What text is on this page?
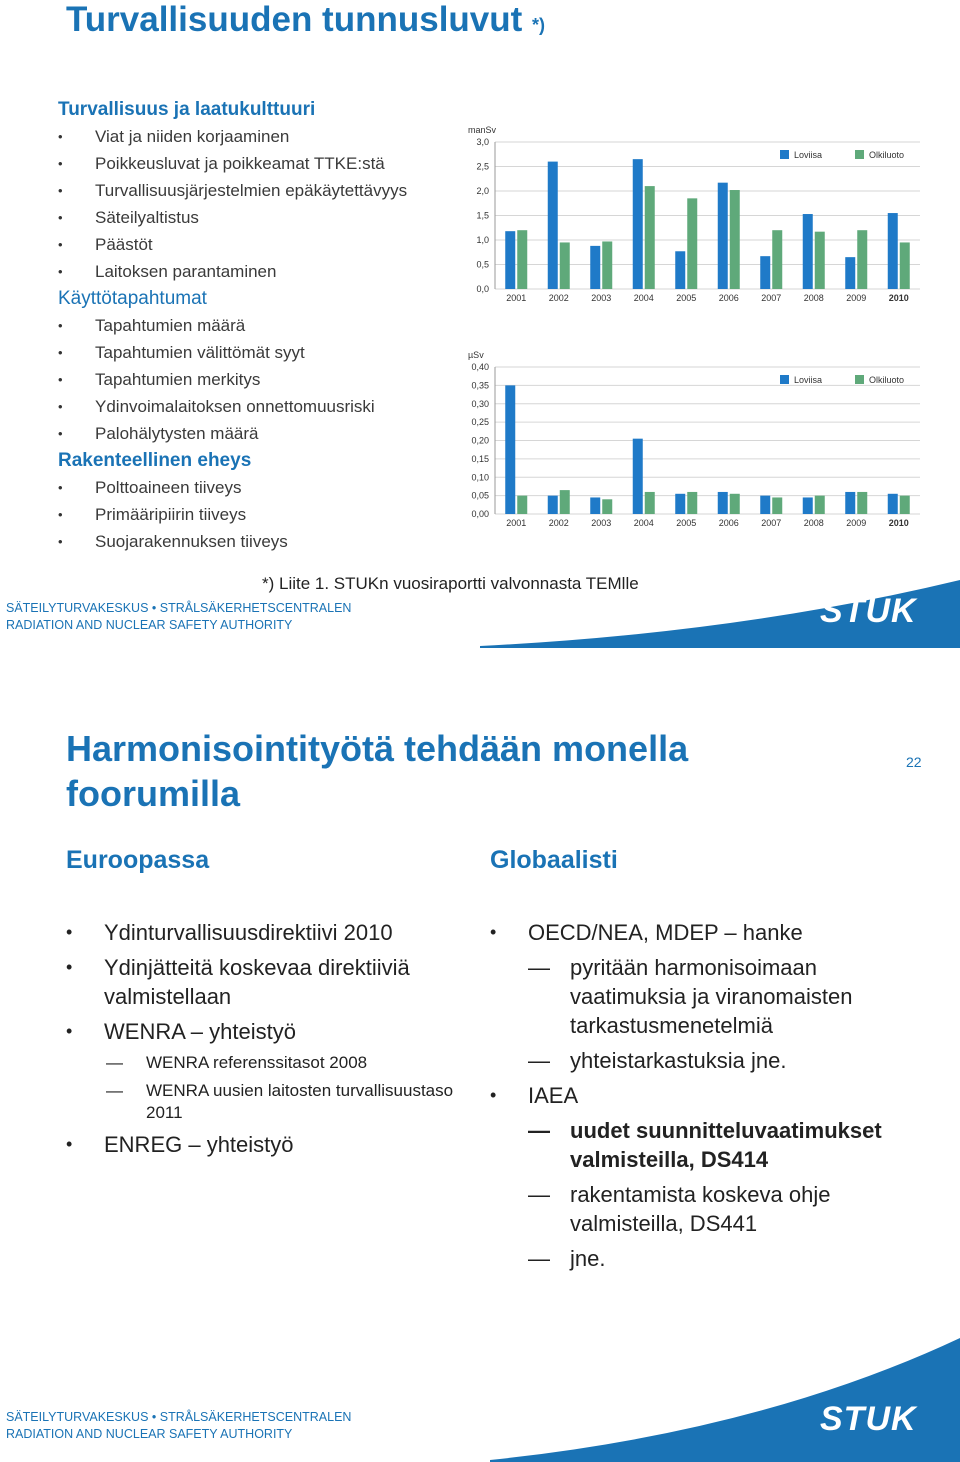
Turvallisuuden tunnusluvut *)
Turvallisuus ja laatukulttuuri
• Viat ja niiden korjaaminen
• Poikkeusluvat ja poikkeamat TTKE:stä
• Turvallisuusjärjestelmien epäkäytettävyys
• Säteilyaltistus
• Päästöt
• Laitoksen parantaminen
Käyttötapahtumat
• Tapahtumien määrä
• Tapahtumien välittömät syyt
• Tapahtumien merkitys
• Ydinvoimalaitoksen onnettomuusriski
• Palohälytysten määrä
Rakenteellinen eheys
• Polttoaineen tiiveys
• Primääripiirin tiiveys
• Suojarakennuksen tiiveys
manSv
0,0
0,5
1,0
1,5
2,0
2,5
3,0
2001 2002 2003 2004 2005 2006 2007 2008 2009 2010
Loviisa	Olkiluoto
µSv
0,00
0,05
0,10
0,15
0,20
0,25
0,30
0,35
0,40
2001 2002 2003 2004 2005 2006 2007 2008 2009 2010
Loviisa	Olkiluoto
*) Liite 1. STUKn vuosiraportti valvonnasta TEMlle
SÄTEILYTURVAKESKUS • STRÅLSÄKERHETSCENTRALEN
RADIATION AND NUCLEAR SAFETY AUTHORITY	STUK
Harmonisointityötä tehdään monella foorumilla
22
Euroopassa	Globaalisti
• Ydinturvallisuusdirektiivi 2010
• Ydinjätteitä koskevaa direktiiviä valmistellaan
• WENRA – yhteistyö
— WENRA referenssitasot 2008
— WENRA uusien laitosten turvallisuustaso 2011
• ENREG – yhteistyö
• OECD/NEA, MDEP – hanke
— pyritään harmonisoimaan vaatimuksia ja viranomaisten tarkastusmenetelmiä
— yhteistarkastuksia jne.
• IAEA
— uudet suunnitteluvaatimukset valmisteilla, DS414
— rakentamista koskeva ohje valmisteilla, DS441
— jne.
SÄTEILYTURVAKESKUS • STRÅLSÄKERHETSCENTRALEN
RADIATION AND NUCLEAR SAFETY AUTHORITY	STUK
